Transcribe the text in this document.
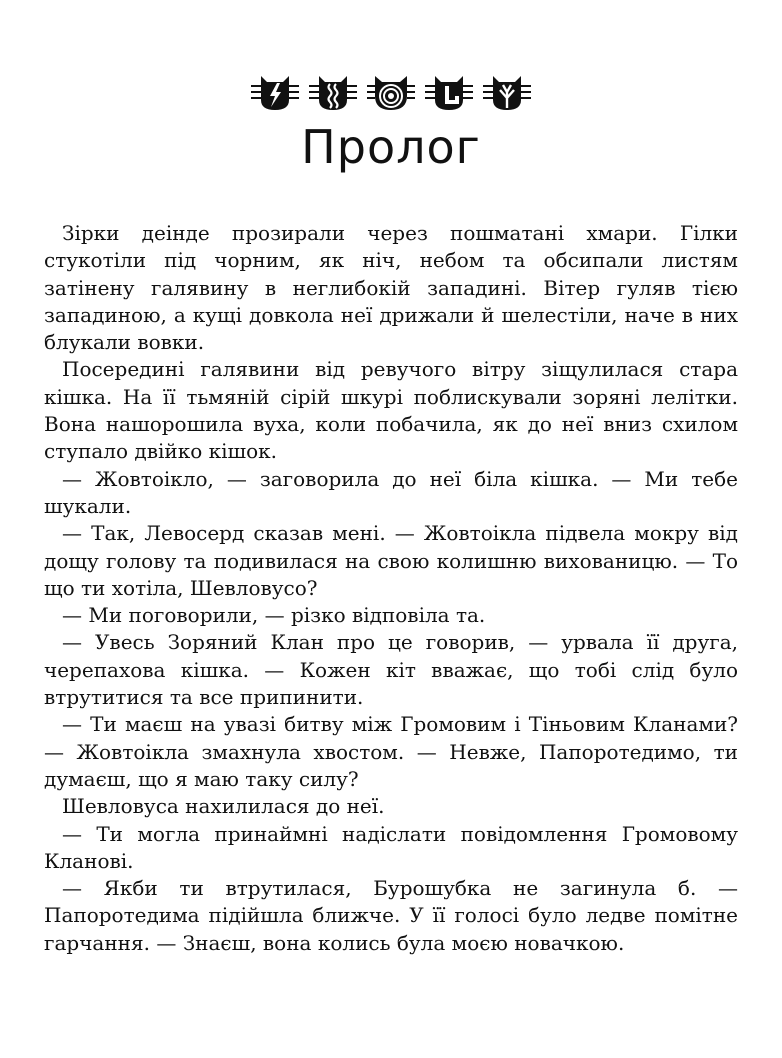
Пролог

Зірки деінде прозирали через пошматані хмари. Гілки стукотіли під чорним, як ніч, небом та обсипали листям затінену галявину в неглибокій западині. Вітер гуляв тією западиною, а кущі довкола неї дрижали й шелестіли, наче в них блукали вовки.

Посередині галявини від ревучого вітру зіщулилася стара кішка. На її тьмяній сірій шкурі поблискували зоряні лелітки. Вона нашорошила вуха, коли побачила, як до неї вниз схилом ступало двійко кішок.

— Жовтоікло, — заговорила до неї біла кішка. — Ми тебе шукали.

— Так, Левосерд сказав мені. — Жовтоікла підвела мокру від дощу голову та подивилася на свою колишню вихованицю. — То що ти хотіла, Шевловусо?

— Ми поговорили, — різко відповіла та.

— Увесь Зоряний Клан про це говорив, — урвала її друга, черепахова кішка. — Кожен кіт вважає, що тобі слід було втрутитися та все припинити.

— Ти маєш на увазі битву між Громовим і Тіньовим Кланами? — Жовтоікла змахнула хвостом. — Невже, Папоротедимо, ти думаєш, що я маю таку силу?

Шевловуса нахилилася до неї.

— Ти могла принаймні надіслати повідомлення Громовому Кланові.

— Якби ти втрутилася, Бурошубка не загинула б. — Папоротедима підійшла ближче. У її голосі було ледве помітне гарчання. — Знаєш, вона колись була моєю новачкою.
